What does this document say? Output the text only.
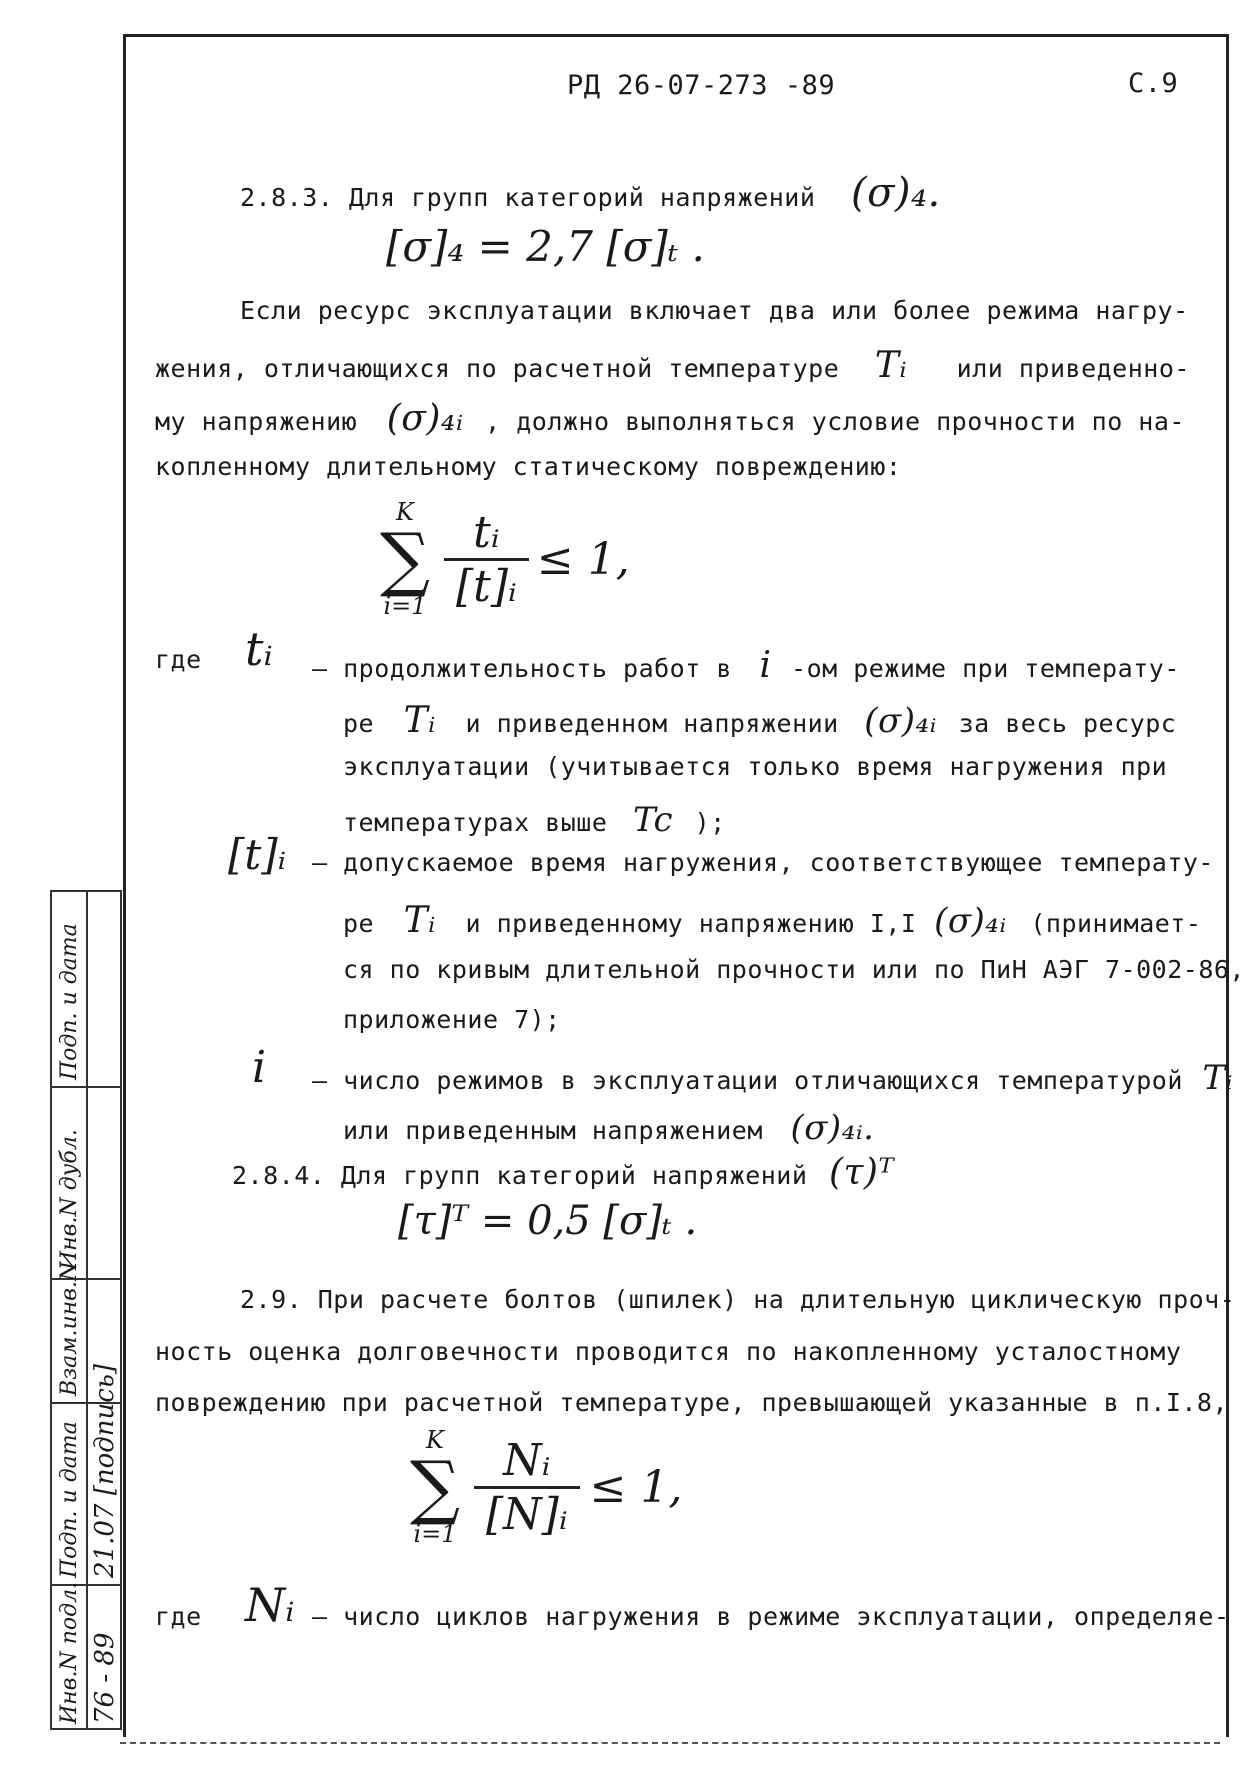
РД 26-07-273 -89	С.9
2.8.3. Для групп категорий напряжений (σ)₄.
[σ]₄ = 2,7 [σ]ₜ .
Если ресурс эксплуатации включает два или более режима нагру-
жения, отличающихся по расчетной температуре Tᵢ или приведенно-
му напряжению (σ)₄ᵢ , должно выполняться условие прочности по на-
копленному длительному статическому повреждению:
K
∑
$i=1 \frac{\text{tᵢ}}{\text{[t]ᵢ}} \le 1$,
где tᵢ – продолжительность работ в i -ом режиме при температу-
ре Tᵢ и приведенном напряжении (σ)₄ᵢ за весь ресурс
эксплуатации (учитывается только время нагружения при
температурах выше Tc );
[t]ᵢ – допускаемое время нагружения, соответствующее температу-
ре Tᵢ и приведенному напряжению I,I (σ)₄ᵢ (принимает-
ся по кривым длительной прочности или по ПиН АЭГ 7-002-86,
приложение 7);
i – число режимов в эксплуатации отличающихся температурой Tᵢ
или приведенным напряжением (σ)₄ᵢ.
2.8.4. Для групп категорий напряжений (τ)ᵀ
[τ]ᵀ = 0,5 [σ]ₜ .
2.9. При расчете болтов (шпилек) на длительную циклическую проч-
ность оценка долговечности проводится по накопленному усталостному
повреждению при расчетной температуре, превышающей указанные в п.I.8,
K
∑
$i=1 \frac{\text{Nᵢ}}{\text{[N]ᵢ}} \le 1$,
где Nᵢ – число циклов нагружения в режиме эксплуатации, определяе-
Подп. и дата
Инв.N дубл.
Взам.инв.N
Подп. и дата 21.07 [подпись]
Инв.N подл. 76 - 89
